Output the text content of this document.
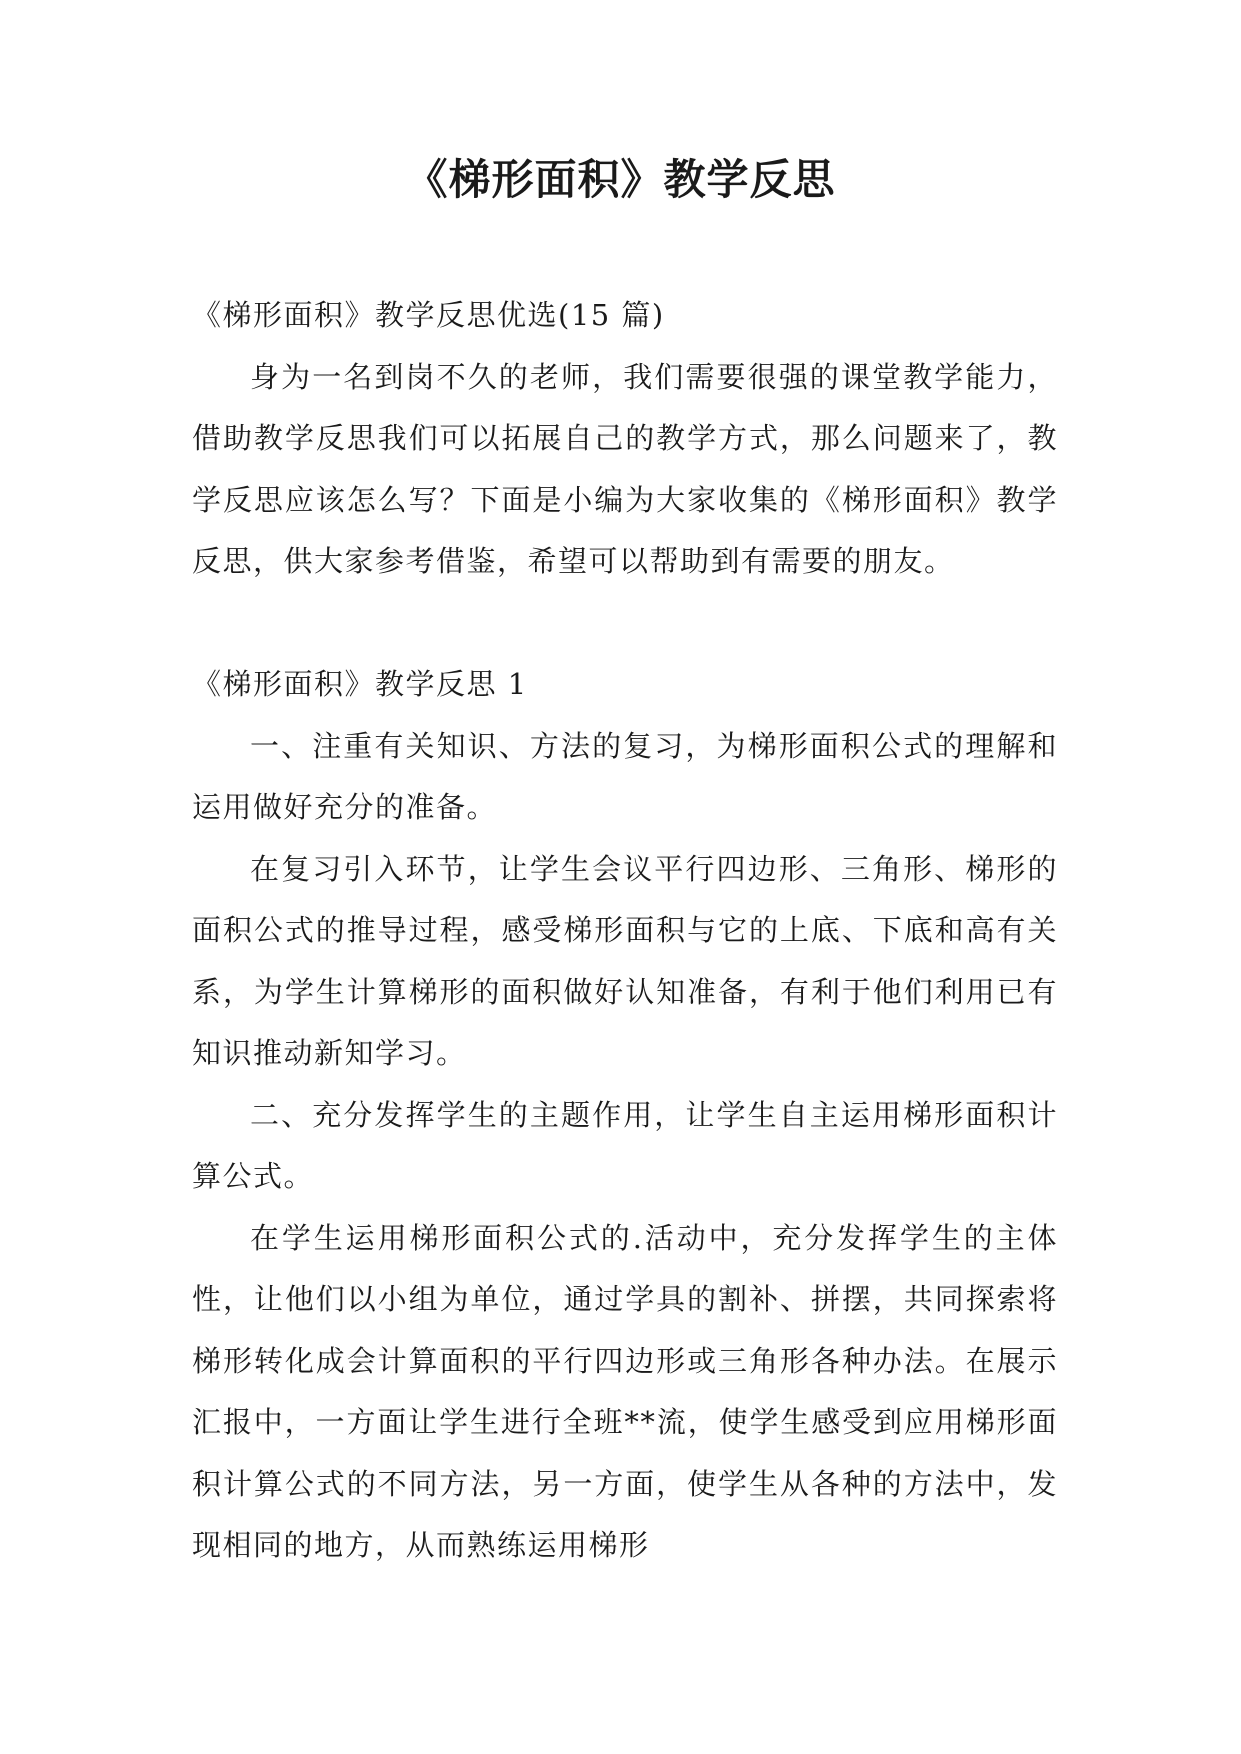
《梯形面积》教学反思

《梯形面积》教学反思优选(15 篇)

身为一名到岗不久的老师，我们需要很强的课堂教学能力，借助教学反思我们可以拓展自己的教学方式，那么问题来了，教学反思应该怎么写？下面是小编为大家收集的《梯形面积》教学反思，供大家参考借鉴，希望可以帮助到有需要的朋友。

《梯形面积》教学反思 1

一、注重有关知识、方法的复习，为梯形面积公式的理解和运用做好充分的准备。

在复习引入环节，让学生会议平行四边形、三角形、梯形的面积公式的推导过程，感受梯形面积与它的上底、下底和高有关系，为学生计算梯形的面积做好认知准备，有利于他们利用已有知识推动新知学习。

二、充分发挥学生的主题作用，让学生自主运用梯形面积计算公式。

在学生运用梯形面积公式的.活动中，充分发挥学生的主体性，让他们以小组为单位，通过学具的割补、拼摆，共同探索将梯形转化成会计算面积的平行四边形或三角形各种办法。在展示汇报中，一方面让学生进行全班**流，使学生感受到应用梯形面积计算公式的不同方法，另一方面，使学生从各种的方法中，发现相同的地方，从而熟练运用梯形
